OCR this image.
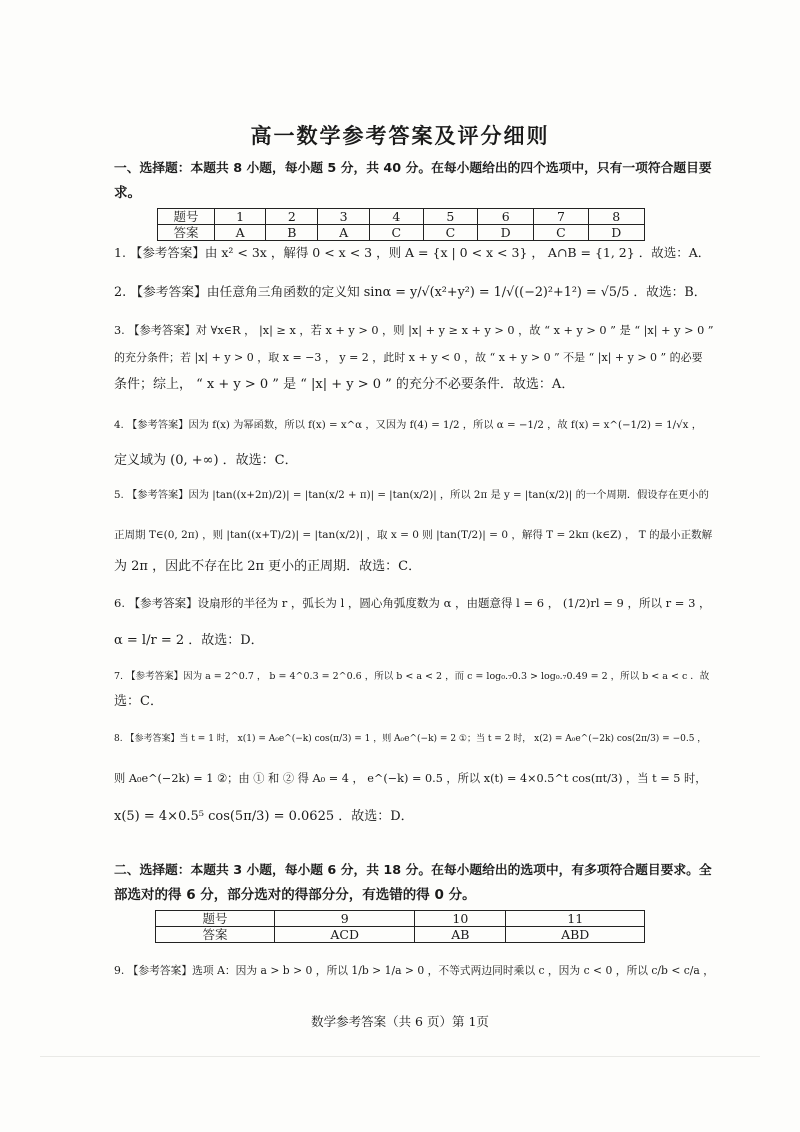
高一数学参考答案及评分细则
一、选择题：本题共 8 小题，每小题 5 分，共 40 分。在每小题给出的四个选项中，只有一项符合题目要
求。
题号	1	2	3	4	5	6	7	8
答案	A	B	A	C	C	D	C	D
1. 【参考答案】由 x² < 3x ，解得 0 < x < 3 ，则 A = {x | 0 < x < 3} ， A∩B = {1, 2} ．故选：A．
2. 【参考答案】由任意角三角函数的定义知 sinα = y/√(x²+y²) = 1/√((−2)²+1²) = √5/5 ．故选：B．
3. 【参考答案】对 ∀x∈R ， |x| ≥ x ，若 x + y > 0 ，则 |x| + y ≥ x + y > 0 ，故 “ x + y > 0 ” 是 “ |x| + y > 0 ”
的充分条件；若 |x| + y > 0 ，取 x = −3 ， y = 2 ，此时 x + y < 0 ，故 “ x + y > 0 ” 不是 “ |x| + y > 0 ” 的必要
条件；综上， “ x + y > 0 ” 是 “ |x| + y > 0 ” 的充分不必要条件．故选：A．
4. 【参考答案】因为 f(x) 为幂函数，所以 f(x) = x^α ，又因为 f(4) = 1/2 ，所以 α = −1/2 ，故 f(x) = x^(−1/2) = 1/√x ，
定义域为 (0, +∞) ．故选：C．
5. 【参考答案】因为 |tan((x+2π)/2)| = |tan(x/2 + π)| = |tan(x/2)| ，所以 2π 是 y = |tan(x/2)| 的一个周期．假设存在更小的
正周期 T∈(0, 2π) ，则 |tan((x+T)/2)| = |tan(x/2)| ，取 x = 0 则 |tan(T/2)| = 0 ，解得 T = 2kπ (k∈Z) ， T 的最小正数解
为 2π ，因此不存在比 2π 更小的正周期．故选：C．
6. 【参考答案】设扇形的半径为 r ，弧长为 l ，圆心角弧度数为 α ，由题意得 l = 6 ， (1/2)rl = 9 ，所以 r = 3 ，
α = l/r = 2 ．故选：D．
7. 【参考答案】因为 a = 2^0.7 ， b = 4^0.3 = 2^0.6 ，所以 b < a < 2 ，而 c = log₀.₇0.3 > log₀.₇0.49 = 2 ，所以 b < a < c ．故
选：C．
8. 【参考答案】当 t = 1 时， x(1) = A₀e^(−k) cos(π/3) = 1 ，则 A₀e^(−k) = 2 ①；当 t = 2 时， x(2) = A₀e^(−2k) cos(2π/3) = −0.5 ，
则 A₀e^(−2k) = 1 ②；由 ① 和 ② 得 A₀ = 4 ， e^(−k) = 0.5 ，所以 x(t) = 4×0.5^t cos(πt/3) ，当 t = 5 时，
x(5) = 4×0.5⁵ cos(5π/3) = 0.0625 ．故选：D．
二、选择题：本题共 3 小题，每小题 6 分，共 18 分。在每小题给出的选项中，有多项符合题目要求。全
部选对的得 6 分，部分选对的得部分分，有选错的得 0 分。
题号	9	10	11
答案	ACD	AB	ABD
9. 【参考答案】选项 A：因为 a > b > 0 ，所以 1/b > 1/a > 0 ，不等式两边同时乘以 c ，因为 c < 0 ，所以 c/b < c/a ，
数学参考答案（共 6 页）第 1页
